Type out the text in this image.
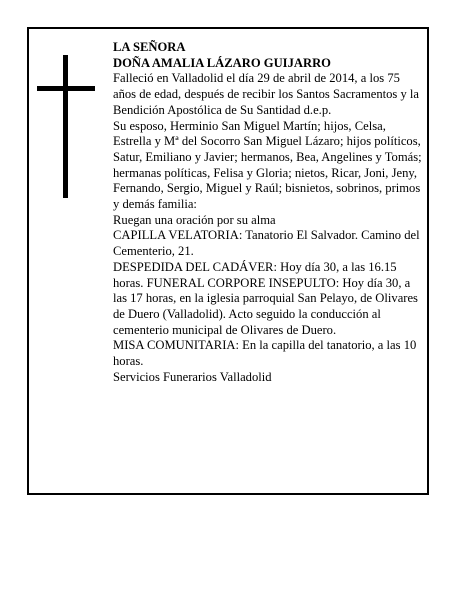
LA SEÑORA

DOÑA AMALIA LÁZARO GUIJARRO

Falleció en Valladolid el día 29 de abril de 2014, a los 75 años de edad, después de recibir los Santos Sacramentos y la Bendición Apostólica de Su Santidad d.e.p.

Su esposo, Herminio San Miguel Martín; hijos, Celsa, Estrella y Mª del Socorro San Miguel Lázaro; hijos políticos, Satur, Emiliano y Javier; hermanos, Bea, Angelines y Tomás; hermanas políticas, Felisa y Gloria; nietos, Ricar, Joni, Jeny, Fernando, Sergio, Miguel y Raúl; bisnietos, sobrinos, primos y demás familia:

Ruegan una oración por su alma

CAPILLA VELATORIA: Tanatorio El Salvador. Camino del Cementerio, 21.

DESPEDIDA DEL CADÁVER: Hoy día 30, a las 16.15 horas. FUNERAL CORPORE INSEPULTO: Hoy día 30, a las 17 horas, en la iglesia parroquial San Pelayo, de Olivares de Duero (Valladolid). Acto seguido la conducción al cementerio municipal de Olivares de Duero.

MISA COMUNITARIA: En la capilla del tanatorio, a las 10 horas.

Servicios Funerarios Valladolid
